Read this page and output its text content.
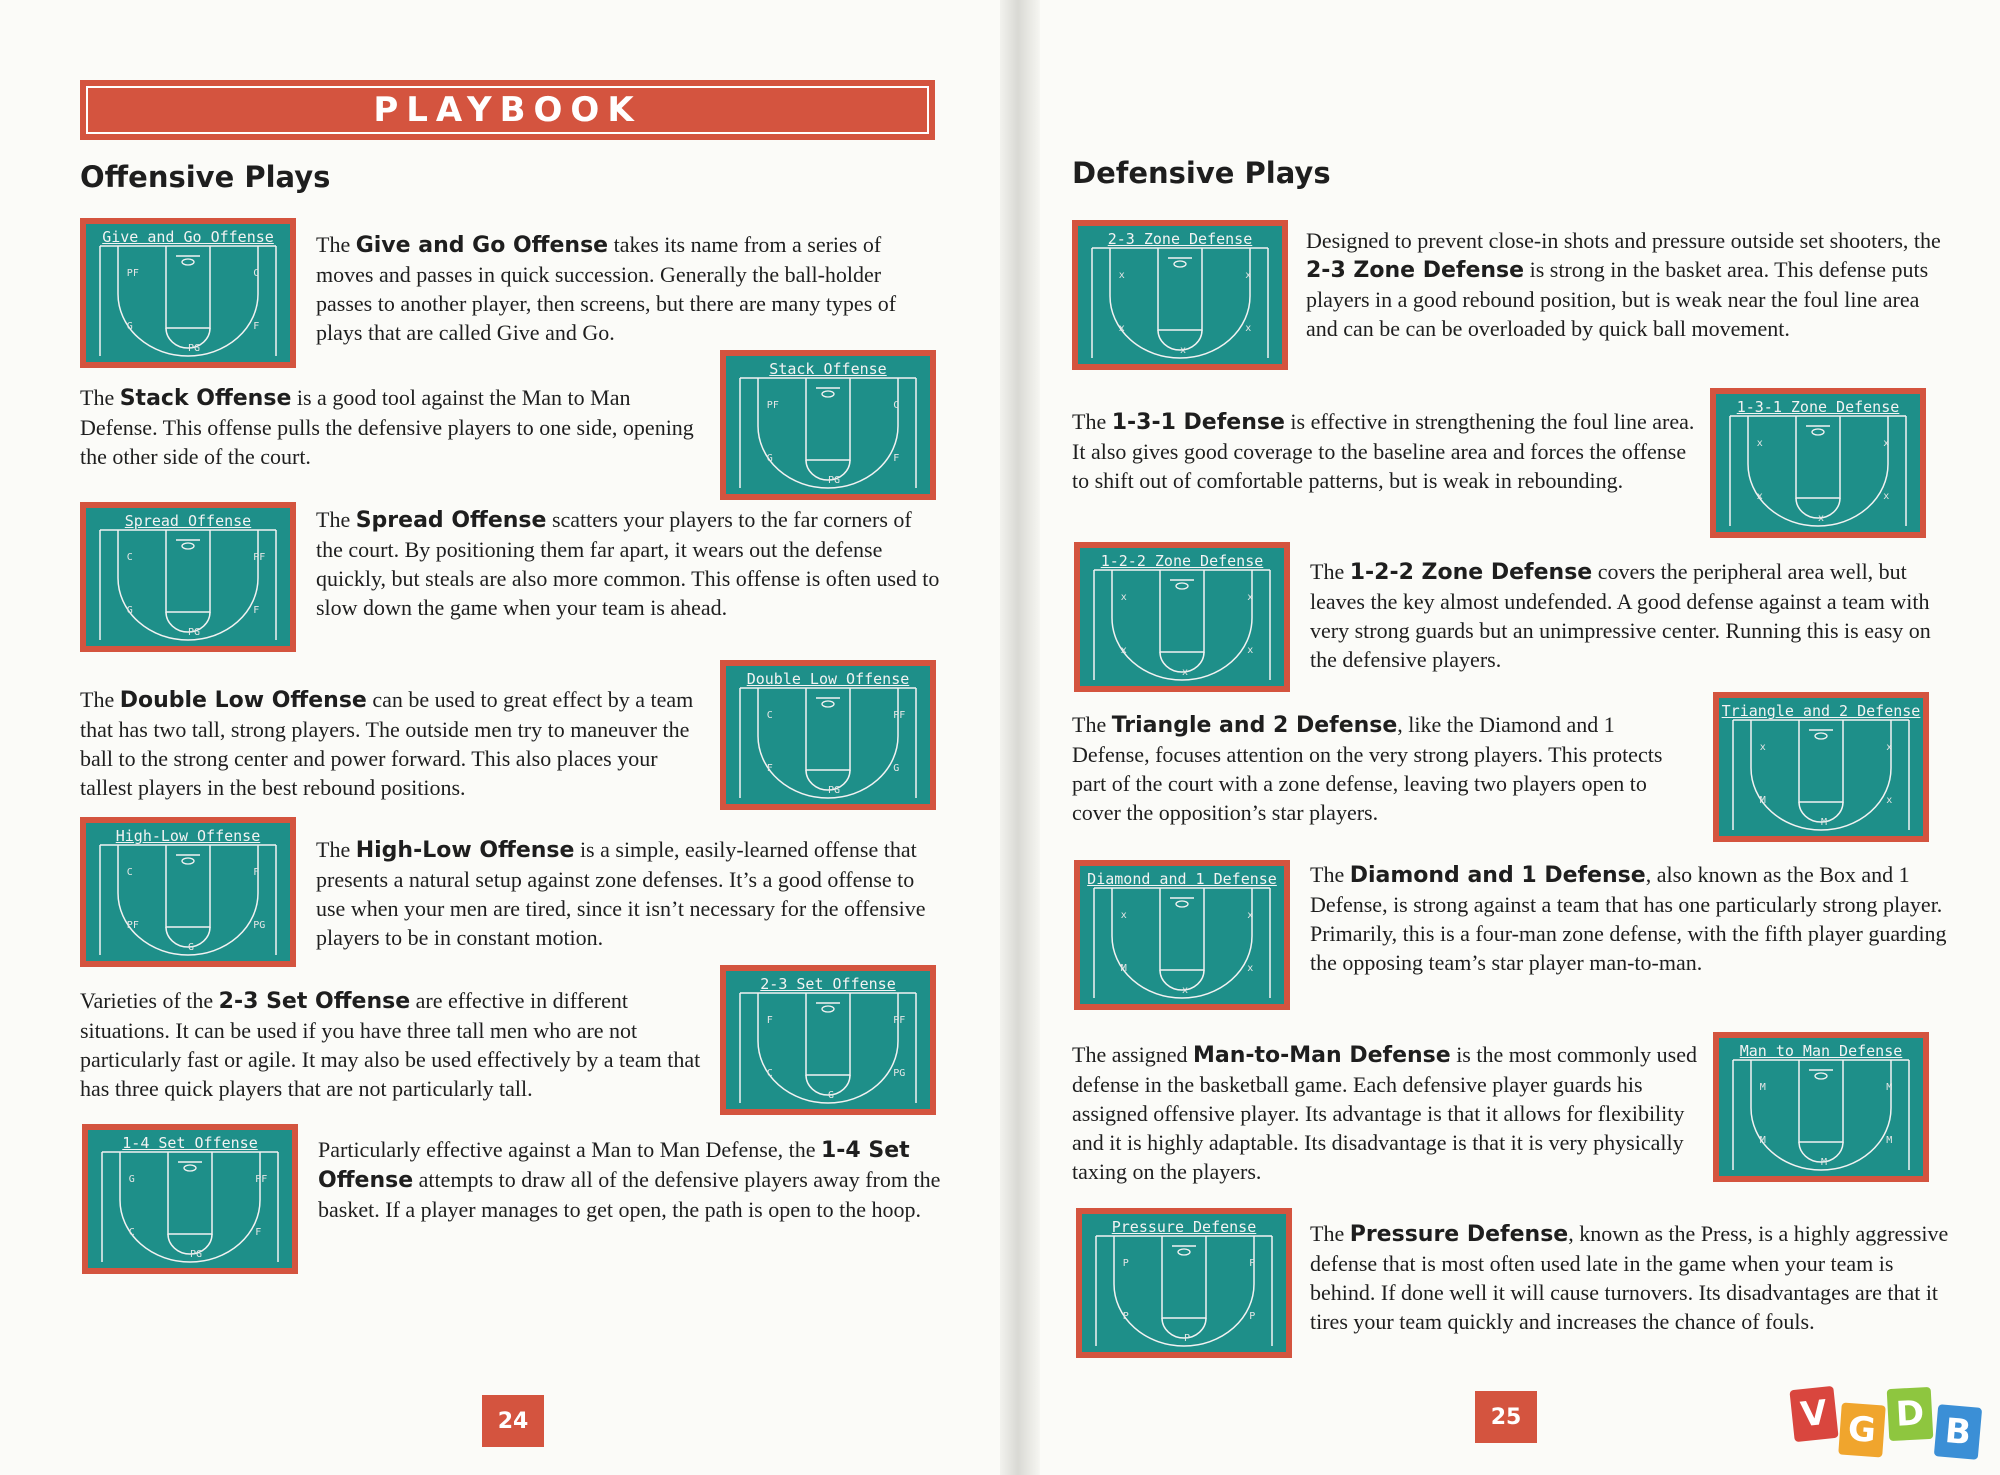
PLAYBOOK
Offensive Plays
Give and Go Offense
PF	C
G	F
PG
The Give and Go Offense takes its name from a series of moves and passes in quick succession. Generally the ball-holder passes to another player, then screens, but there are many types of plays that are called Give and Go.
Stack Offense
PF	C
G	F
PG
The Stack Offense is a good tool against the Man to Man Defense. This offense pulls the defensive players to one side, opening the other side of the court.
Spread Offense
C	PF
G	F
PG
The Spread Offense scatters your players to the far corners of the court. By positioning them far apart, it wears out the defense quickly, but steals are also more common. This offense is often used to slow down the game when your team is ahead.
Double Low Offense
C	PF
F	G
PG
The Double Low Offense can be used to great effect by a team that has two tall, strong players. The outside men try to maneuver the ball to the strong center and power forward. This also places your tallest players in the best rebound positions.
High-Low Offense
C	F
PF	PG
G
The High-Low Offense is a simple, easily-learned offense that presents a natural setup against zone defenses. It’s a good offense to use when your men are tired, since it isn’t necessary for the offensive players to be in constant motion.
2-3 Set Offense
F	PF
C	PG
G
Varieties of the 2-3 Set Offense are effective in different situations. It can be used if you have three tall men who are not particularly fast or agile. It may also be used effectively by a team that has three quick players that are not particularly tall.
1-4 Set Offense
G	PF
C	F
PG
Particularly effective against a Man to Man Defense, the 1-4 Set Offense attempts to draw all of the defensive players away from the basket. If a player manages to get open, the path is open to the hoop.
24
Defensive Plays
2-3 Zone Defense
x	x
x	x
x
Designed to prevent close-in shots and pressure outside set shooters, the 2-3 Zone Defense is strong in the basket area. This defense puts players in a good rebound position, but is weak near the foul line area and can be can be overloaded by quick ball movement.
1-3-1 Zone Defense
x	x
x	x
x
The 1-3-1 Defense is effective in strengthening the foul line area. It also gives good coverage to the baseline area and forces the offense to shift out of comfortable patterns, but is weak in rebounding.
1-2-2 Zone Defense
x	x
x	x
x
The 1-2-2 Zone Defense covers the peripheral area well, but leaves the key almost undefended. A good defense against a team with very strong guards but an unimpressive center. Running this is easy on the defensive players.
Triangle and 2 Defense
x	x
M	x
M
The Triangle and 2 Defense, like the Diamond and 1 Defense, focuses attention on the very strong players. This protects part of the court with a zone defense, leaving two players open to cover the opposition’s star players.
Diamond and 1 Defense
x	x
M	x
x
The Diamond and 1 Defense, also known as the Box and 1 Defense, is strong against a team that has one particularly strong player. Primarily, this is a four-man zone defense, with the fifth player guarding the opposing team’s star player man-to-man.
Man to Man Defense
M	M
M	M
M
The assigned Man-to-Man Defense is the most commonly used defense in the basketball game. Each defensive player guards his assigned offensive player. Its advantage is that it allows for flexibility and it is highly adaptable. Its disadvantage is that it is very physically taxing on the players.
Pressure Defense
P	P
P	P
P
The Pressure Defense, known as the Press, is a highly aggressive defense that is most often used late in the game when your team is behind. If done well it will cause turnovers. Its disadvantages are that it tires your team quickly and increases the chance of fouls.
25	V G D B
